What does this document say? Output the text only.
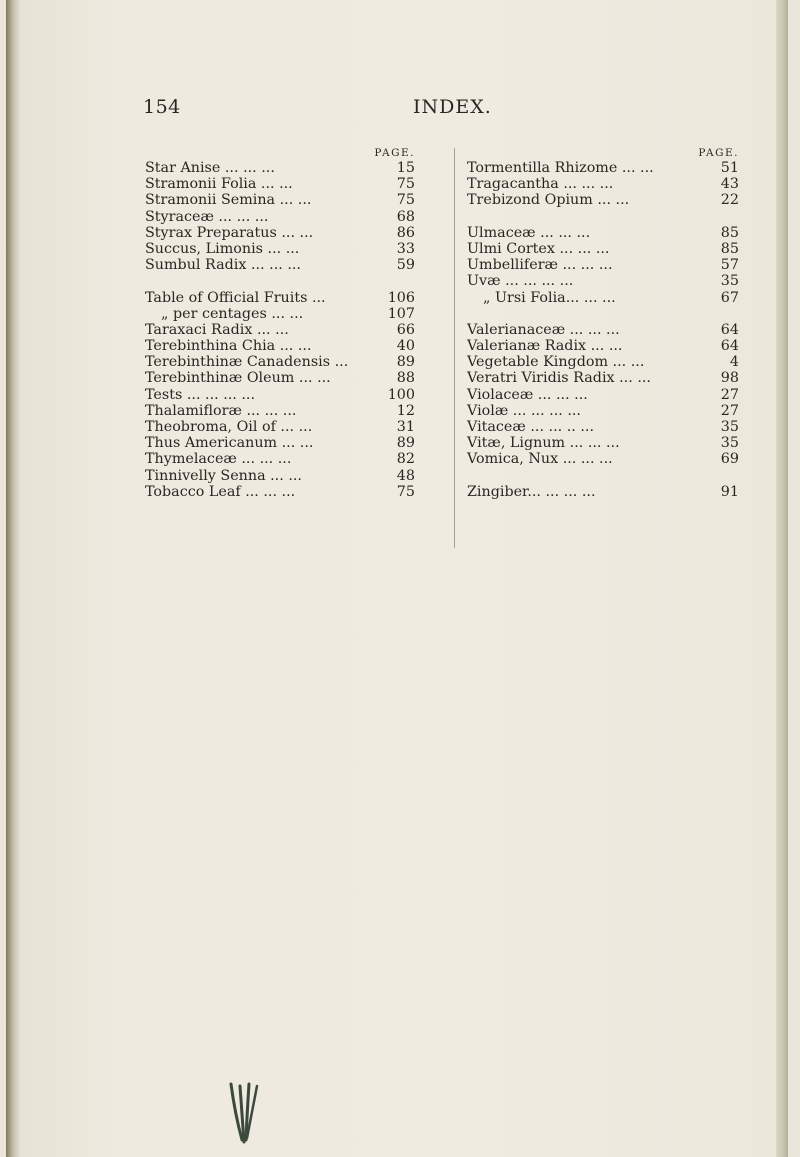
154	INDEX.
PAGE.
Star Anise ... ... ...	15
Stramonii Folia ... ...	75
Stramonii Semina ... ...	75
Styraceæ ... ... ...	68
Styrax Preparatus ... ...	86
Succus, Limonis ... ...	33
Sumbul Radix ... ... ...	59
Table of Official Fruits ...	106
„ per centages ... ...	107
Taraxaci Radix ... ...	66
Terebinthina Chia ... ...	40
Terebinthinæ Canadensis ...	89
Terebinthinæ Oleum ... ...	88
Tests ... ... ... ...	100
Thalamifloræ ... ... ...	12
Theobroma, Oil of ... ...	31
Thus Americanum ... ...	89
Thymelaceæ ... ... ...	82
Tinnivelly Senna ... ...	48
Tobacco Leaf ... ... ...	75
PAGE.
Tormentilla Rhizome ... ...	51
Tragacantha ... ... ...	43
Trebizond Opium ... ...	22
Ulmaceæ ... ... ...	85
Ulmi Cortex ... ... ...	85
Umbelliferæ ... ... ...	57
Uvæ ... ... ... ...	35
„ Ursi Folia... ... ...	67
Valerianaceæ ... ... ...	64
Valerianæ Radix ... ...	64
Vegetable Kingdom ... ...	4
Veratri Viridis Radix ... ...	98
Violaceæ ... ... ...	27
Violæ ... ... ... ...	27
Vitaceæ ... ... .. ...	35
Vitæ, Lignum ... ... ...	35
Vomica, Nux ... ... ...	69
Zingiber... ... ... ...	91
